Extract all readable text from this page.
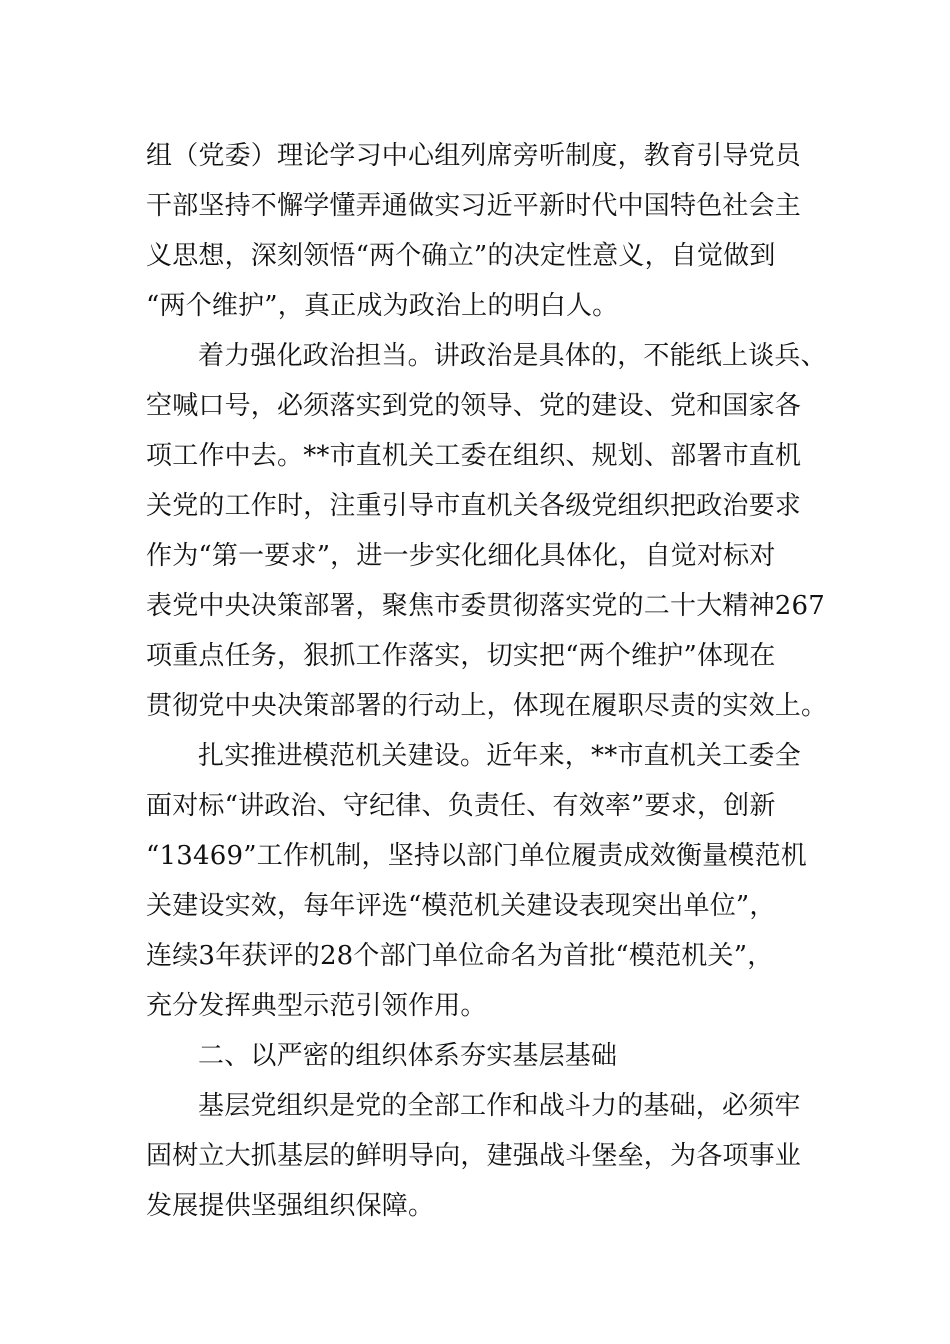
组（党委）理论学习中心组列席旁听制度，教育引导党员
干部坚持不懈学懂弄通做实习近平新时代中国特色社会主
义思想，深刻领悟“两个确立”的决定性意义，自觉做到
“两个维护”，真正成为政治上的明白人。
着力强化政治担当。讲政治是具体的，不能纸上谈兵、
空喊口号，必须落实到党的领导、党的建设、党和国家各
项工作中去。**市直机关工委在组织、规划、部署市直机
关党的工作时，注重引导市直机关各级党组织把政治要求
作为“第一要求”，进一步实化细化具体化，自觉对标对
表党中央决策部署，聚焦市委贯彻落实党的二十大精神267
项重点任务，狠抓工作落实，切实把“两个维护”体现在
贯彻党中央决策部署的行动上，体现在履职尽责的实效上。
扎实推进模范机关建设。近年来，**市直机关工委全
面对标“讲政治、守纪律、负责任、有效率”要求，创新
“13469”工作机制，坚持以部门单位履责成效衡量模范机
关建设实效，每年评选“模范机关建设表现突出单位”，
连续3年获评的28个部门单位命名为首批“模范机关”，
充分发挥典型示范引领作用。
二、以严密的组织体系夯实基层基础
基层党组织是党的全部工作和战斗力的基础，必须牢
固树立大抓基层的鲜明导向，建强战斗堡垒，为各项事业
发展提供坚强组织保障。
